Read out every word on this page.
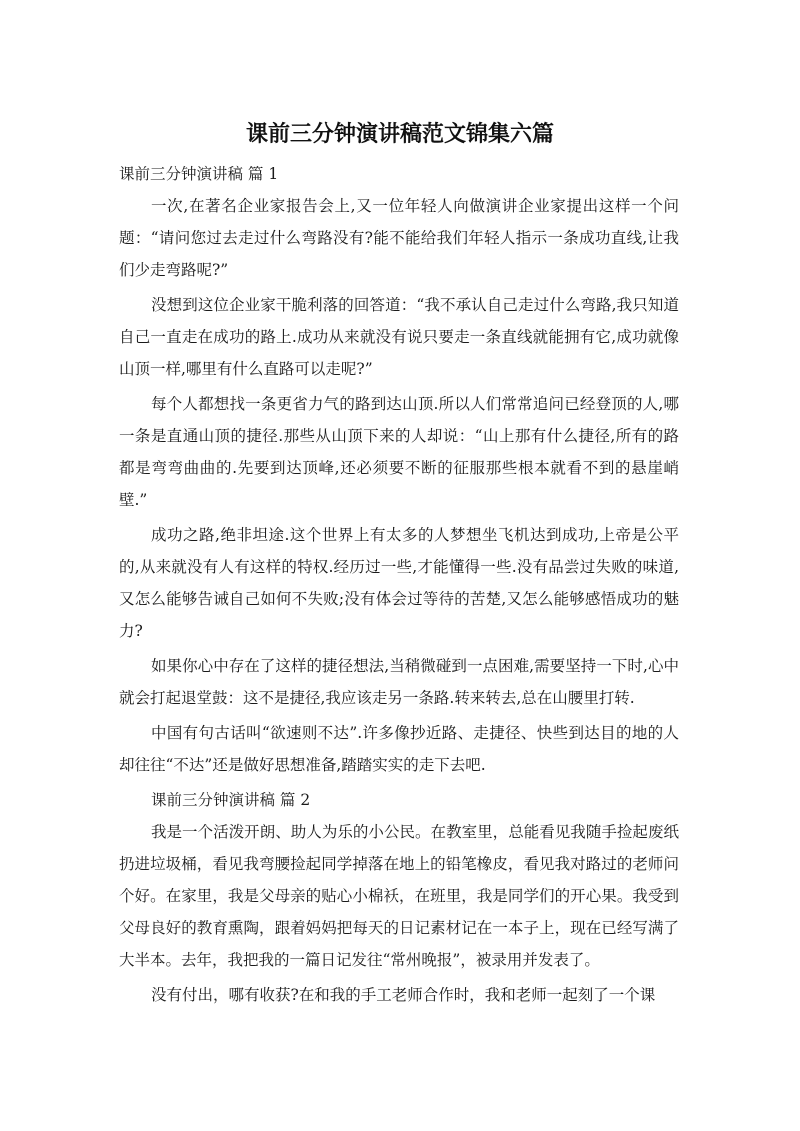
课前三分钟演讲稿范文锦集六篇

课前三分钟演讲稿 篇 1

一次,在著名企业家报告会上,又一位年轻人向做演讲企业家提出这样一个问题：“请问您过去走过什么弯路没有?能不能给我们年轻人指示一条成功直线,让我们少走弯路呢?”

没想到这位企业家干脆利落的回答道：“我不承认自己走过什么弯路,我只知道自己一直走在成功的路上.成功从来就没有说只要走一条直线就能拥有它,成功就像山顶一样,哪里有什么直路可以走呢?”

每个人都想找一条更省力气的路到达山顶.所以人们常常追问已经登顶的人,哪一条是直通山顶的捷径.那些从山顶下来的人却说：“山上那有什么捷径,所有的路都是弯弯曲曲的.先要到达顶峰,还必须要不断的征服那些根本就看不到的悬崖峭壁.”

成功之路,绝非坦途.这个世界上有太多的人梦想坐飞机达到成功,上帝是公平的,从来就没有人有这样的特权.经历过一些,才能懂得一些.没有品尝过失败的味道,又怎么能够告诫自己如何不失败;没有体会过等待的苦楚,又怎么能够感悟成功的魅力?

如果你心中存在了这样的捷径想法,当稍微碰到一点困难,需要坚持一下时,心中就会打起退堂鼓：这不是捷径,我应该走另一条路.转来转去,总在山腰里打转.

中国有句古话叫“欲速则不达”.许多像抄近路、走捷径、快些到达目的地的人却往往“不达”还是做好思想准备,踏踏实实的走下去吧.

课前三分钟演讲稿 篇 2

我是一个活泼开朗、助人为乐的小公民。在教室里，总能看见我随手捡起废纸扔进垃圾桶，看见我弯腰捡起同学掉落在地上的铅笔橡皮，看见我对路过的老师问个好。在家里，我是父母亲的贴心小棉袄，在班里，我是同学们的开心果。我受到父母良好的教育熏陶，跟着妈妈把每天的日记素材记在一本子上，现在已经写满了大半本。去年，我把我的一篇日记发往“常州晚报”，被录用并发表了。

没有付出，哪有收获?在和我的手工老师合作时，我和老师一起刻了一个课
